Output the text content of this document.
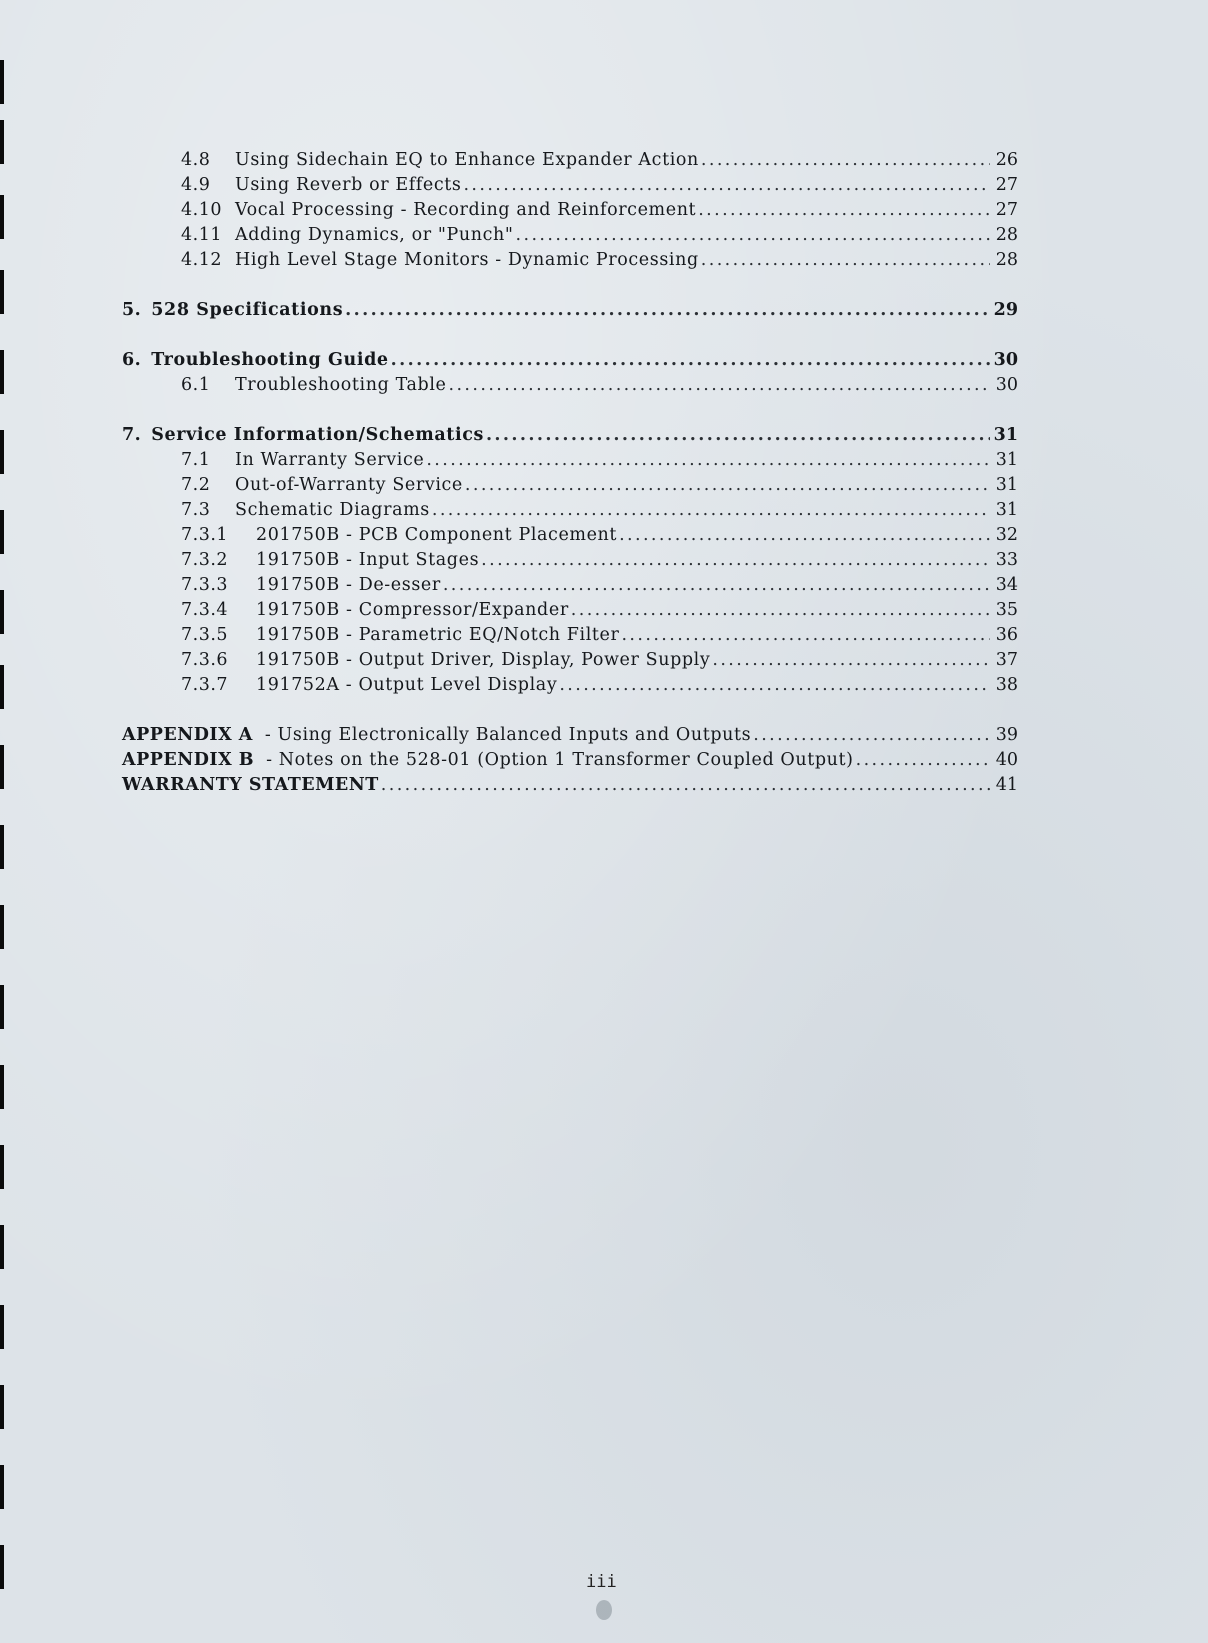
4.8	Using Sidechain EQ to Enhance Expander Action .....	26
4.9	Using Reverb or Effects .....	27
4.10 Vocal Processing - Recording and Reinforcement .....	27
4.11 Adding Dynamics, or "Punch" .....	28
4.12 High Level Stage Monitors - Dynamic Processing .....	28
5. 528 Specifications .....	29
6. Troubleshooting Guide .....	30
6.1	Troubleshooting Table .....	30
7. Service Information/Schematics .....	31
7.1	In Warranty Service .....	31
7.2	Out-of-Warranty Service .....	31
7.3	Schematic Diagrams .....	31
7.3.1	201750B - PCB Component Placement .....	32
7.3.2	191750B - Input Stages .....	33
7.3.3	191750B - De-esser .....	34
7.3.4	191750B - Compressor/Expander .....	35
7.3.5	191750B - Parametric EQ/Notch Filter .....	36
7.3.6	191750B - Output Driver, Display, Power Supply .....	37
7.3.7	191752A - Output Level Display .....	38
APPENDIX A - Using Electronically Balanced Inputs and Outputs .....	39
APPENDIX B - Notes on the 528-01 (Option 1 Transformer Coupled Output) .....	40
WARRANTY STATEMENT .....	41
iii
